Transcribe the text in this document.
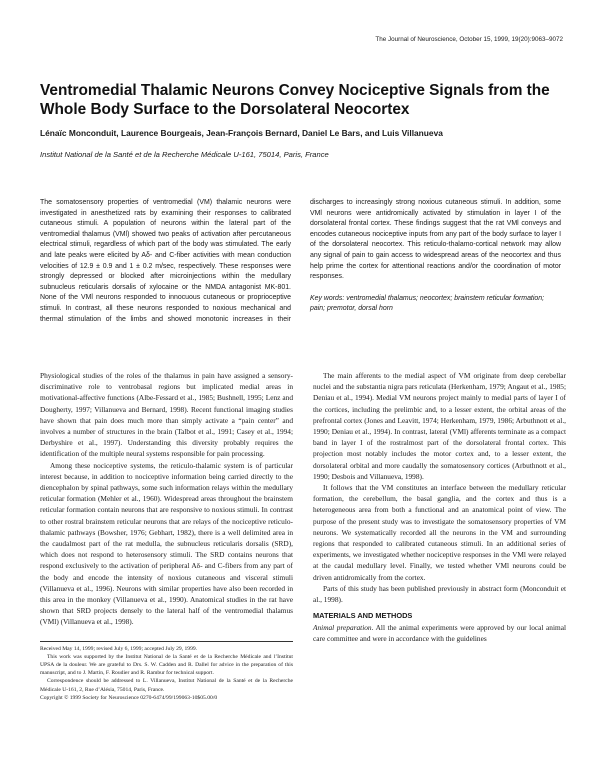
The Journal of Neuroscience, October 15, 1999, 19(20):9063–9072
Ventromedial Thalamic Neurons Convey Nociceptive Signals from the Whole Body Surface to the Dorsolateral Neocortex

Lénaïc Monconduit, Laurence Bourgeais, Jean-François Bernard, Daniel Le Bars, and Luis Villanueva

Institut National de la Santé et de la Recherche Médicale U-161, 75014, Paris, France

The somatosensory properties of ventromedial (VM) thalamic neurons were investigated in anesthetized rats by examining their responses to calibrated cutaneous stimuli. A population of neurons within the lateral part of the ventromedial thalamus (VMl) showed two peaks of activation after percutaneous electrical stimuli, regardless of which part of the body was stimulated. The early and late peaks were elicited by Aδ- and C-fiber activities with mean conduction velocities of 12.9 ± 0.9 and 1 ± 0.2 m/sec, respectively. These responses were strongly depressed or blocked after microinjections within the medullary subnucleus reticularis dorsalis of xylocaine or the NMDA antagonist MK-801. None of the VMl neurons responded to innocuous cutaneous or proprioceptive stimuli. In contrast, all these neurons responded to noxious mechanical and thermal stimulation of the limbs and showed monotonic increases in their discharges to increasingly strong noxious cutaneous stimuli. In addition, some VMl neurons were antidromically activated by stimulation in layer I of the dorsolateral frontal cortex. These findings suggest that the rat VMl conveys and encodes cutaneous nociceptive inputs from any part of the body surface to layer I of the dorsolateral neocortex. This reticulo-thalamo-cortical network may allow any signal of pain to gain access to widespread areas of the neocortex and thus help prime the cortex for attentional reactions and/or the coordination of motor responses.

Key words: ventromedial thalamus; neocortex; brainstem reticular formation; pain; premotor, dorsal horn

Physiological studies of the roles of the thalamus in pain have assigned a sensory-discriminative role to ventrobasal regions but implicated medial areas in motivational-affective functions (Albe-Fessard et al., 1985; Bushnell, 1995; Lenz and Dougherty, 1997; Villanueva and Bernard, 1998). Recent functional imaging studies have shown that pain does much more than simply activate a “pain center” and involves a number of structures in the brain (Talbot et al., 1991; Casey et al., 1994; Derbyshire et al., 1997). Understanding this diversity probably requires the identification of the multiple neural systems responsible for pain processing.

Among these nociceptive systems, the reticulo-thalamic system is of particular interest because, in addition to nociceptive information being carried directly to the diencephalon by spinal pathways, some such information relays within the medullary reticular formation (Mehler et al., 1960). Widespread areas throughout the brainstem reticular formation contain neurons that are responsive to noxious stimuli. In contrast to other rostral brainstem reticular neurons that are relays of the nociceptive reticulo-thalamic pathways (Bowsher, 1976; Gebhart, 1982), there is a well delimited area in the caudalmost part of the rat medulla, the subnucleus reticularis dorsalis (SRD), which does not respond to heterosensory stimuli. The SRD contains neurons that respond exclusively to the activation of peripheral Aδ- and C-fibers from any part of the body and encode the intensity of noxious cutaneous and visceral stimuli (Villanueva et al., 1996). Neurons with similar properties have also been recorded in this area in the monkey (Villanueva et al., 1990). Anatomical studies in the rat have shown that SRD projects densely to the lateral half of the ventromedial thalamus (VMl) (Villanueva et al., 1998).

The main afferents to the medial aspect of VM originate from deep cerebellar nuclei and the substantia nigra pars reticulata (Herkenham, 1979; Angaut et al., 1985; Deniau et al., 1994). Medial VM neurons project mainly to medial parts of layer I of the cortices, including the prelimbic and, to a lesser extent, the orbital areas of the prefrontal cortex (Jones and Leavitt, 1974; Herkenham, 1979, 1986; Arbuthnott et al., 1990; Deniau et al., 1994). In contrast, lateral (VMl) afferents terminate as a compact band in layer I of the rostralmost part of the dorsolateral frontal cortex. This projection most notably includes the motor cortex and, to a lesser extent, the dorsolateral orbital and more caudally the somatosensory cortices (Arbuthnott et al., 1990; Desbois and Villanueva, 1998).

It follows that the VM constitutes an interface between the medullary reticular formation, the cerebellum, the basal ganglia, and the cortex and thus is a heterogeneous area from both a functional and an anatomical point of view. The purpose of the present study was to investigate the somatosensory properties of VM neurons. We systematically recorded all the neurons in the VM and surrounding regions that responded to calibrated cutaneous stimuli. In an additional series of experiments, we investigated whether nociceptive responses in the VMl were relayed at the caudal medullary level. Finally, we tested whether VMl neurons could be driven antidromically from the cortex.

Parts of this study has been published previously in abstract form (Monconduit et al., 1998).

MATERIALS AND METHODS

Animal preparation. All the animal experiments were approved by our local animal care committee and were in accordance with the guidelines

Received May 14, 1999; revised July 6, 1999; accepted July 29, 1999.
This work was supported by the Institut National de la Santé et de la Recherche Médicale and l’Institut UPSA de la douleur. We are grateful to Drs. S. W. Cadden and R. Dallel for advice in the preparation of this manuscript, and to J. Martin, F. Roudier and R. Rambur for technical support.
Correspondence should be addressed to L. Villanueva, Institut National de la Santé et de la Recherche Médicale U-161, 2, Rue d’Alésia, 75014, Paris, France.
Copyright © 1999 Society for Neuroscience 0270-6474/99/199063-10$05.00/0
